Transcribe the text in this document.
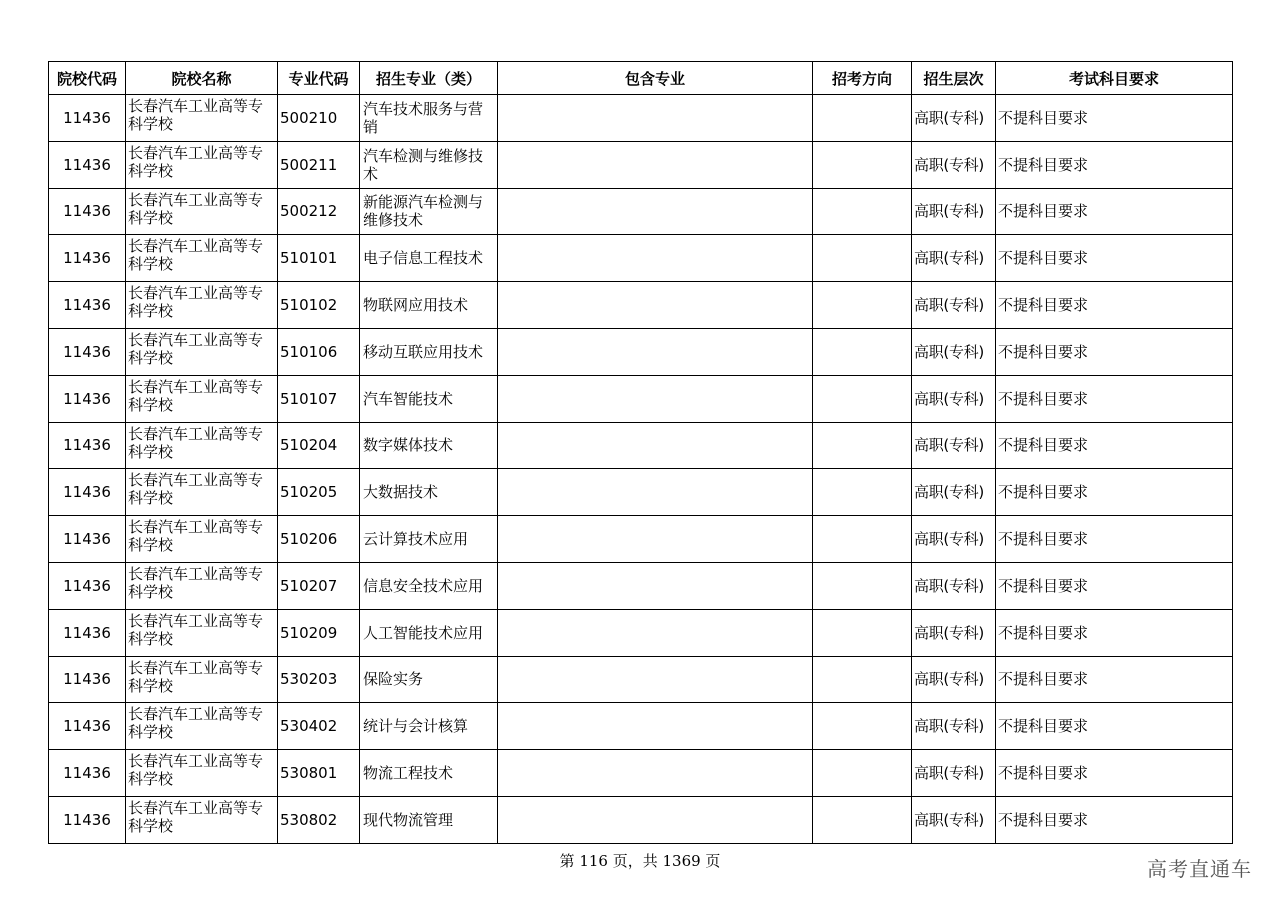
院校代码	院校名称	专业代码	招生专业（类）	包含专业	招考方向	招生层次	考试科目要求
11436	长春汽车工业高等专科学校	500210	汽车技术服务与营销			高职(专科)	不提科目要求
11436	长春汽车工业高等专科学校	500211	汽车检测与维修技术			高职(专科)	不提科目要求
11436	长春汽车工业高等专科学校	500212	新能源汽车检测与维修技术			高职(专科)	不提科目要求
11436	长春汽车工业高等专科学校	510101	电子信息工程技术			高职(专科)	不提科目要求
11436	长春汽车工业高等专科学校	510102	物联网应用技术			高职(专科)	不提科目要求
11436	长春汽车工业高等专科学校	510106	移动互联应用技术			高职(专科)	不提科目要求
11436	长春汽车工业高等专科学校	510107	汽车智能技术			高职(专科)	不提科目要求
11436	长春汽车工业高等专科学校	510204	数字媒体技术			高职(专科)	不提科目要求
11436	长春汽车工业高等专科学校	510205	大数据技术			高职(专科)	不提科目要求
11436	长春汽车工业高等专科学校	510206	云计算技术应用			高职(专科)	不提科目要求
11436	长春汽车工业高等专科学校	510207	信息安全技术应用			高职(专科)	不提科目要求
11436	长春汽车工业高等专科学校	510209	人工智能技术应用			高职(专科)	不提科目要求
11436	长春汽车工业高等专科学校	530203	保险实务			高职(专科)	不提科目要求
11436	长春汽车工业高等专科学校	530402	统计与会计核算			高职(专科)	不提科目要求
11436	长春汽车工业高等专科学校	530801	物流工程技术			高职(专科)	不提科目要求
11436	长春汽车工业高等专科学校	530802	现代物流管理			高职(专科)	不提科目要求
第 116 页，共 1369 页	高考直通车
